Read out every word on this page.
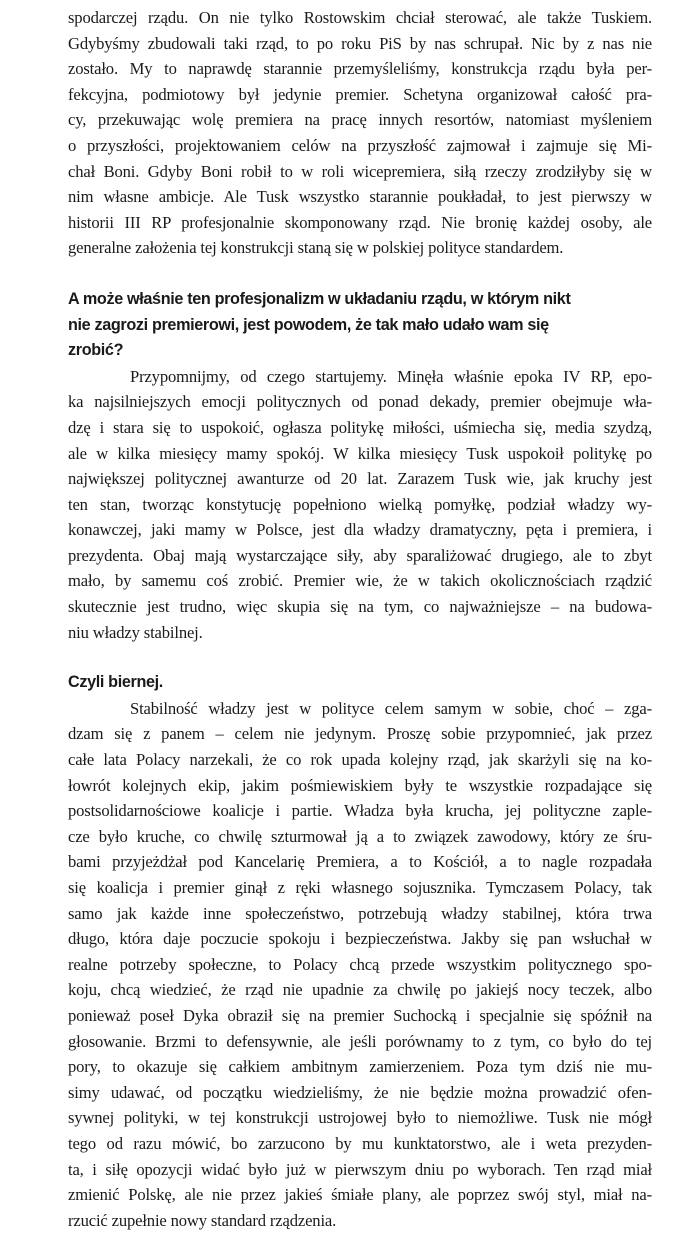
spodarczej rządu. On nie tylko Rostowskim chciał sterować, ale także Tuskiem.
Gdybyśmy zbudowali taki rząd, to po roku PiS by nas schrupał. Nic by z nas nie
zostało. My to naprawdę starannie przemyśleliśmy, konstrukcja rządu była per-
fekcyjna, podmiotowy był jedynie premier. Schetyna organizował całość pra-
cy, przekuwając wolę premiera na pracę innych resortów, natomiast myśleniem
o przyszłości, projektowaniem celów na przyszłość zajmował i zajmuje się Mi-
chał Boni. Gdyby Boni robił to w roli wicepremiera, siłą rzeczy zrodziłyby się w
nim własne ambicje. Ale Tusk wszystko starannie poukładał, to jest pierwszy w
historii III RP profesjonalnie skomponowany rząd. Nie bronię każdej osoby, ale
generalne założenia tej konstrukcji staną się w polskiej polityce standardem.
A może właśnie ten profesjonalizm w układaniu rządu, w którym nikt
nie zagrozi premierowi, jest powodem, że tak mało udało wam się
zrobić?
Przypomnijmy, od czego startujemy. Minęła właśnie epoka IV RP, epo-
ka najsilniejszych emocji politycznych od ponad dekady, premier obejmuje wła-
dzę i stara się to uspokoić, ogłasza politykę miłości, uśmiecha się, media szydzą,
ale w kilka miesięcy mamy spokój. W kilka miesięcy Tusk uspokoił politykę po
największej politycznej awanturze od 20 lat. Zarazem Tusk wie, jak kruchy jest
ten stan, tworząc konstytucję popełniono wielką pomyłkę, podział władzy wy-
konawczej, jaki mamy w Polsce, jest dla władzy dramatyczny, pęta i premiera, i
prezydenta. Obaj mają wystarczające siły, aby sparaliżować drugiego, ale to zbyt
mało, by samemu coś zrobić. Premier wie, że w takich okolicznościach rządzić
skutecznie jest trudno, więc skupia się na tym, co najważniejsze – na budowa-
niu władzy stabilnej.
Czyli biernej.
Stabilność władzy jest w polityce celem samym w sobie, choć – zga-
dzam się z panem – celem nie jedynym. Proszę sobie przypomnieć, jak przez
całe lata Polacy narzekali, że co rok upada kolejny rząd, jak skarżyli się na ko-
łowrót kolejnych ekip, jakim pośmiewiskiem były te wszystkie rozpadające się
postsolidarnościowe koalicje i partie. Władza była krucha, jej polityczne zaple-
cze było kruche, co chwilę szturmował ją a to związek zawodowy, który ze śru-
bami przyjeżdżał pod Kancelarię Premiera, a to Kościół, a to nagle rozpadała
się koalicja i premier ginął z ręki własnego sojusznika. Tymczasem Polacy, tak
samo jak każde inne społeczeństwo, potrzebują władzy stabilnej, która trwa
długo, która daje poczucie spokoju i bezpieczeństwa. Jakby się pan wsłuchał w
realne potrzeby społeczne, to Polacy chcą przede wszystkim politycznego spo-
koju, chcą wiedzieć, że rząd nie upadnie za chwilę po jakiejś nocy teczek, albo
ponieważ poseł Dyka obraził się na premier Suchocką i specjalnie się spóźnił na
głosowanie. Brzmi to defensywnie, ale jeśli porównamy to z tym, co było do tej
pory, to okazuje się całkiem ambitnym zamierzeniem. Poza tym dziś nie mu-
simy udawać, od początku wiedzieliśmy, że nie będzie można prowadzić ofen-
sywnej polityki, w tej konstrukcji ustrojowej było to niemożliwe. Tusk nie mógł
tego od razu mówić, bo zarzucono by mu kunktatorstwo, ale i weta prezyden-
ta, i siłę opozycji widać było już w pierwszym dniu po wyborach. Ten rząd miał
zmienić Polskę, ale nie przez jakieś śmiałe plany, ale poprzez swój styl, miał na-
rzucić zupełnie nowy standard rządzenia.
